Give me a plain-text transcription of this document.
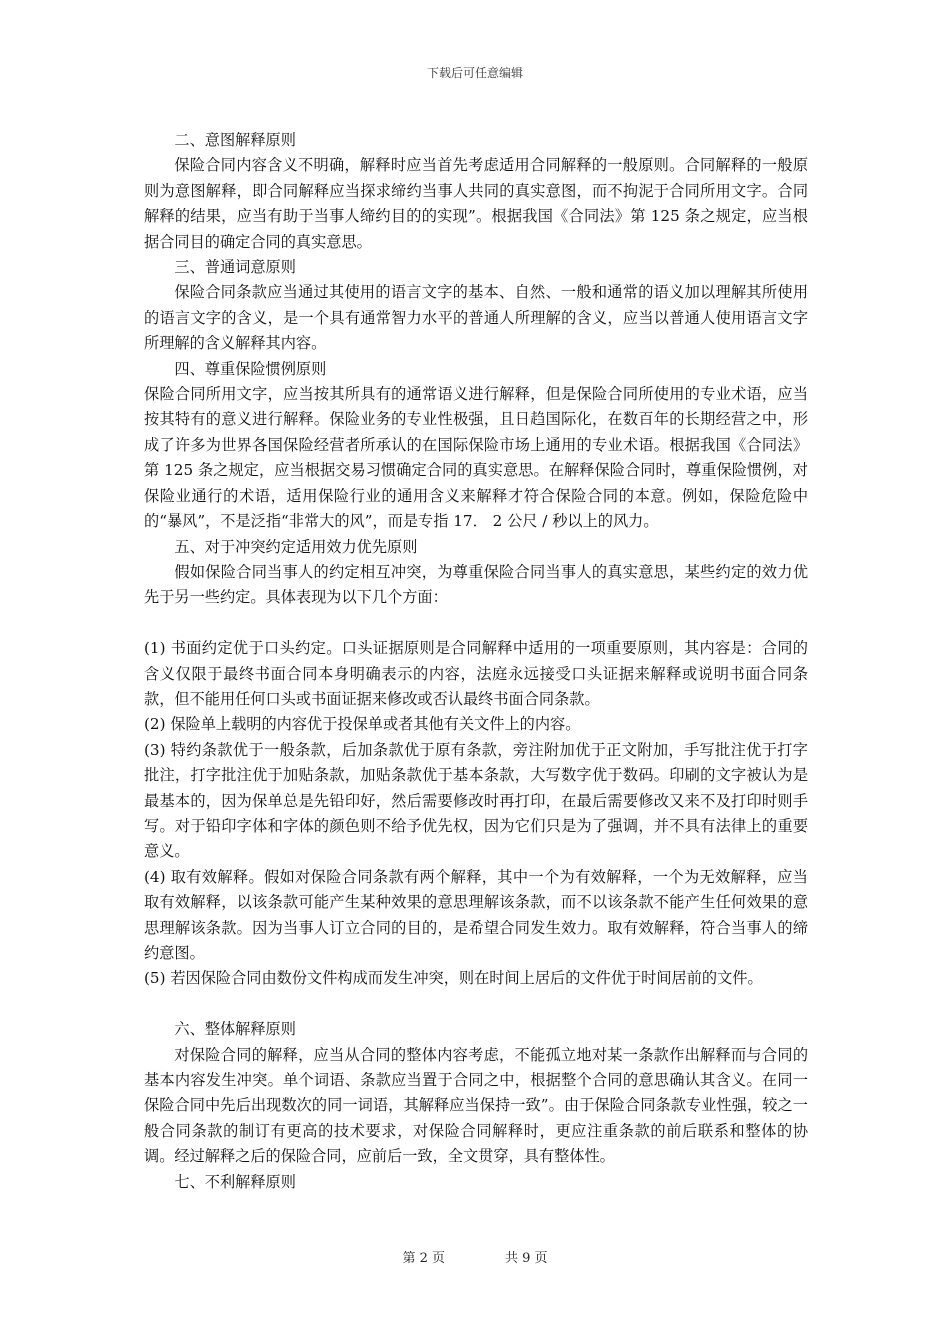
下载后可任意编辑

二、意图解释原则

保险合同内容含义不明确，解释时应当首先考虑适用合同解释的一般原则。合同解释的一般原则为意图解释，即合同解释应当探求缔约当事人共同的真实意图，而不拘泥于合同所用文字。合同解释的结果，应当有助于当事人缔约目的的实现”。根据我国《合同法》第 125 条之规定，应当根据合同目的确定合同的真实意思。

三、普通词意原则

保险合同条款应当通过其使用的语言文字的基本、自然、一般和通常的语义加以理解其所使用的语言文字的含义，是一个具有通常智力水平的普通人所理解的含义，应当以普通人使用语言文字所理解的含义解释其内容。

四、尊重保险惯例原则

保险合同所用文字，应当按其所具有的通常语义进行解释，但是保险合同所使用的专业术语，应当按其特有的意义进行解释。保险业务的专业性极强，且日趋国际化，在数百年的长期经营之中，形成了许多为世界各国保险经营者所承认的在国际保险市场上通用的专业术语。根据我国《合同法》第 125 条之规定，应当根据交易习惯确定合同的真实意思。在解释保险合同时，尊重保险惯例，对保险业通行的术语，适用保险行业的通用含义来解释才符合保险合同的本意。例如，保险危险中的“暴风”，不是泛指“非常大的风”，而是专指 17． 2 公尺 / 秒以上的风力。

五、对于冲突约定适用效力优先原则

假如保险合同当事人的约定相互冲突，为尊重保险合同当事人的真实意思，某些约定的效力优先于另一些约定。具体表现为以下几个方面：

(1) 书面约定优于口头约定。口头证据原则是合同解释中适用的一项重要原则，其内容是：合同的含义仅限于最终书面合同本身明确表示的内容，法庭永远接受口头证据来解释或说明书面合同条款，但不能用任何口头或书面证据来修改或否认最终书面合同条款。

(2) 保险单上载明的内容优于投保单或者其他有关文件上的内容。

(3) 特约条款优于一般条款，后加条款优于原有条款，旁注附加优于正文附加，手写批注优于打字批注，打字批注优于加贴条款，加贴条款优于基本条款，大写数字优于数码。印刷的文字被认为是最基本的，因为保单总是先铅印好，然后需要修改时再打印，在最后需要修改又来不及打印时则手写。对于铅印字体和字体的颜色则不给予优先权，因为它们只是为了强调，并不具有法律上的重要意义。

(4) 取有效解释。假如对保险合同条款有两个解释，其中一个为有效解释，一个为无效解释，应当取有效解释，以该条款可能产生某种效果的意思理解该条款，而不以该条款不能产生任何效果的意思理解该条款。因为当事人订立合同的目的，是希望合同发生效力。取有效解释，符合当事人的缔约意图。

(5) 若因保险合同由数份文件构成而发生冲突，则在时间上居后的文件优于时间居前的文件。

六、整体解释原则

对保险合同的解释，应当从合同的整体内容考虑，不能孤立地对某一条款作出解释而与合同的基本内容发生冲突。单个词语、条款应当置于合同之中，根据整个合同的意思确认其含义。在同一保险合同中先后出现数次的同一词语，其解释应当保持一致”。由于保险合同条款专业性强，较之一般合同条款的制订有更高的技术要求，对保险合同解释时，更应注重条款的前后联系和整体的协调。经过解释之后的保险合同，应前后一致，全文贯穿，具有整体性。

七、不利解释原则

第 2 页	共 9 页
